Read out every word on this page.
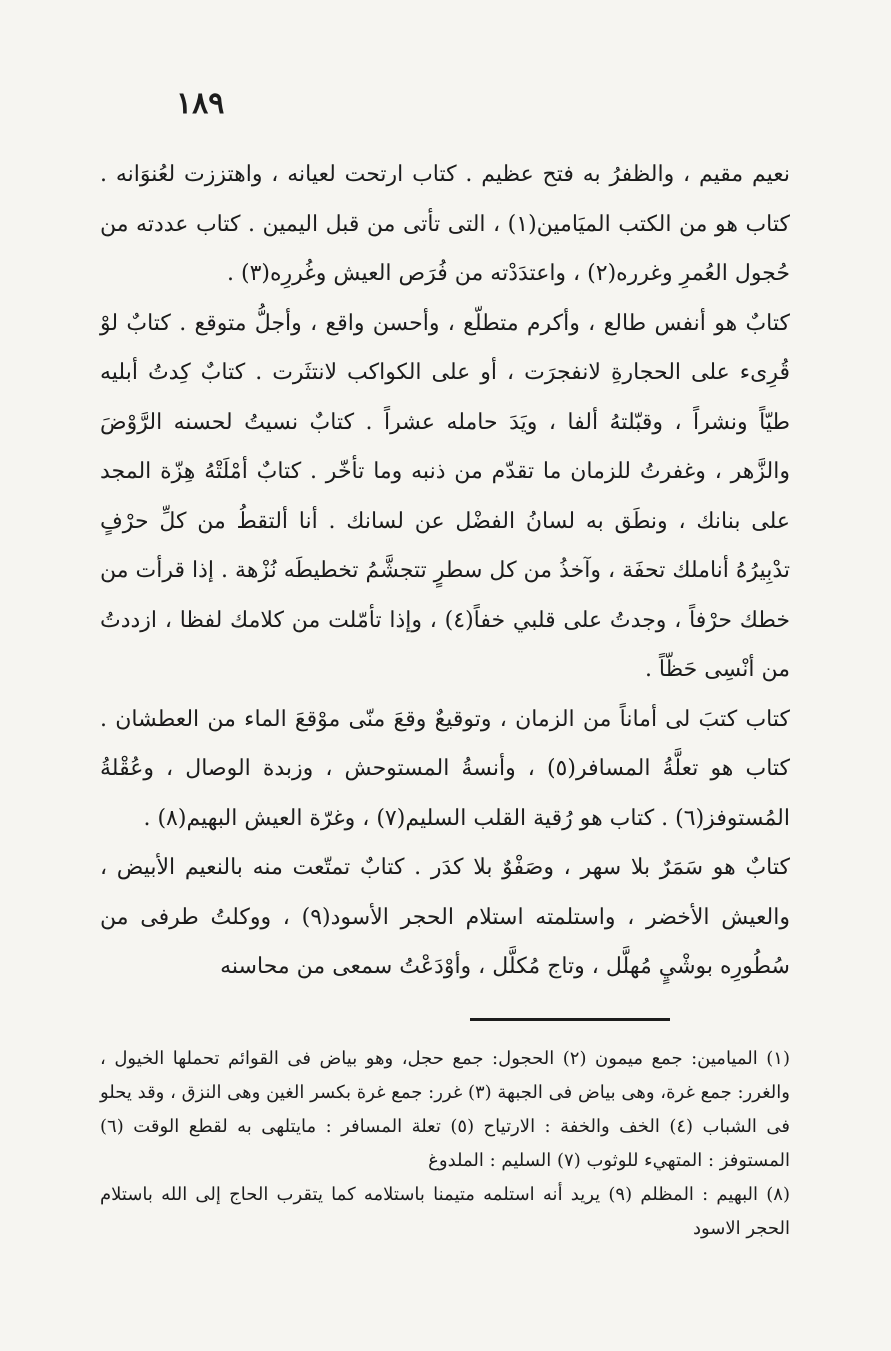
١٨٩

نعيم مقيم ، والظفرُ به فتح عظيم . كتاب ارتحت لعيانه ، واهتززت لعُنوَانه . كتاب هو من الكتب الميَامين(١) ، التى تأتى من قبل اليمين . كتاب عددته من حُجول العُمرِ وغرره(٢) ، واعتدَدْته من فُرَص العيش وغُررِه(٣) .

كتابٌ هو أنفس طالع ، وأكرم متطلّع ، وأحسن واقع ، وأجلُّ متوقع . كتابٌ لوْ قُرِىء على الحجارةِ لانفجرَت ، أو على الكواكب لانتثَرت . كتابٌ كِدتُ أبليه طيّاً ونشراً ، وقبّلتهُ ألفا ، ويَدَ حامله عشراً . كتابٌ نسيتُ لحسنه الرَّوْضَ والزَّهر ، وغفرتُ للزمان ما تقدّم من ذنبه وما تأخّر . كتابٌ أمْلَتْهُ هِزّة المجد على بنانك ، ونطَق به لسانُ الفضْل عن لسانك . أنا ألتقطُ من كلِّ حرْفٍ تدْبِيرُهُ أناملك تحفَة ، وآخذُ من كل سطرٍ تتجشَّمُ تخطيطَه نُزْهة . إذا قرأت من خطك حرْفاً ، وجدتُ على قلبي خفاً(٤) ، وإذا تأمّلت من كلامك لفظا ، ازددتُ من أنْسِى حَظّاً .

كتاب كتبَ لى أماناً من الزمان ، وتوقيعٌ وقعَ منّى موْقعَ الماء من العطشان . كتاب هو تعلَّةُ المسافر(٥) ، وأنسةُ المستوحش ، وزبدة الوصال ، وعُقْلةُ المُستوفز(٦) . كتاب هو رُقية القلب السليم(٧) ، وغرّة العيش البهيم(٨) .

كتابٌ هو سَمَرٌ بلا سهر ، وصَفْوٌ بلا كدَر . كتابٌ تمتّعت منه بالنعيم الأبيض ، والعيش الأخضر ، واستلمته استلام الحجر الأسود(٩) ، ووكلتُ طرفى من سُطُورِه بوشْيٍ مُهلَّل ، وتاج مُكلَّل ، وأوْدَعْتُ سمعى من محاسنه

(١) الميامين: جمع ميمون (٢) الحجول: جمع حجل، وهو بياض فى القوائم تحملها الخيول ، والغرر: جمع غرة، وهى بياض فى الجبهة (٣) غرر: جمع غرة بكسر الغين وهى النزق ، وقد يحلو فى الشباب (٤) الخف والخفة : الارتياح (٥) تعلة المسافر : مايتلهى به لقطع الوقت (٦) المستوفز : المتهيء للوثوب (٧) السليم : الملدوغ

(٨) البهيم : المظلم (٩) يريد أنه استلمه متيمنا باستلامه كما يتقرب الحاج إلى الله باستلام الحجر الاسود
